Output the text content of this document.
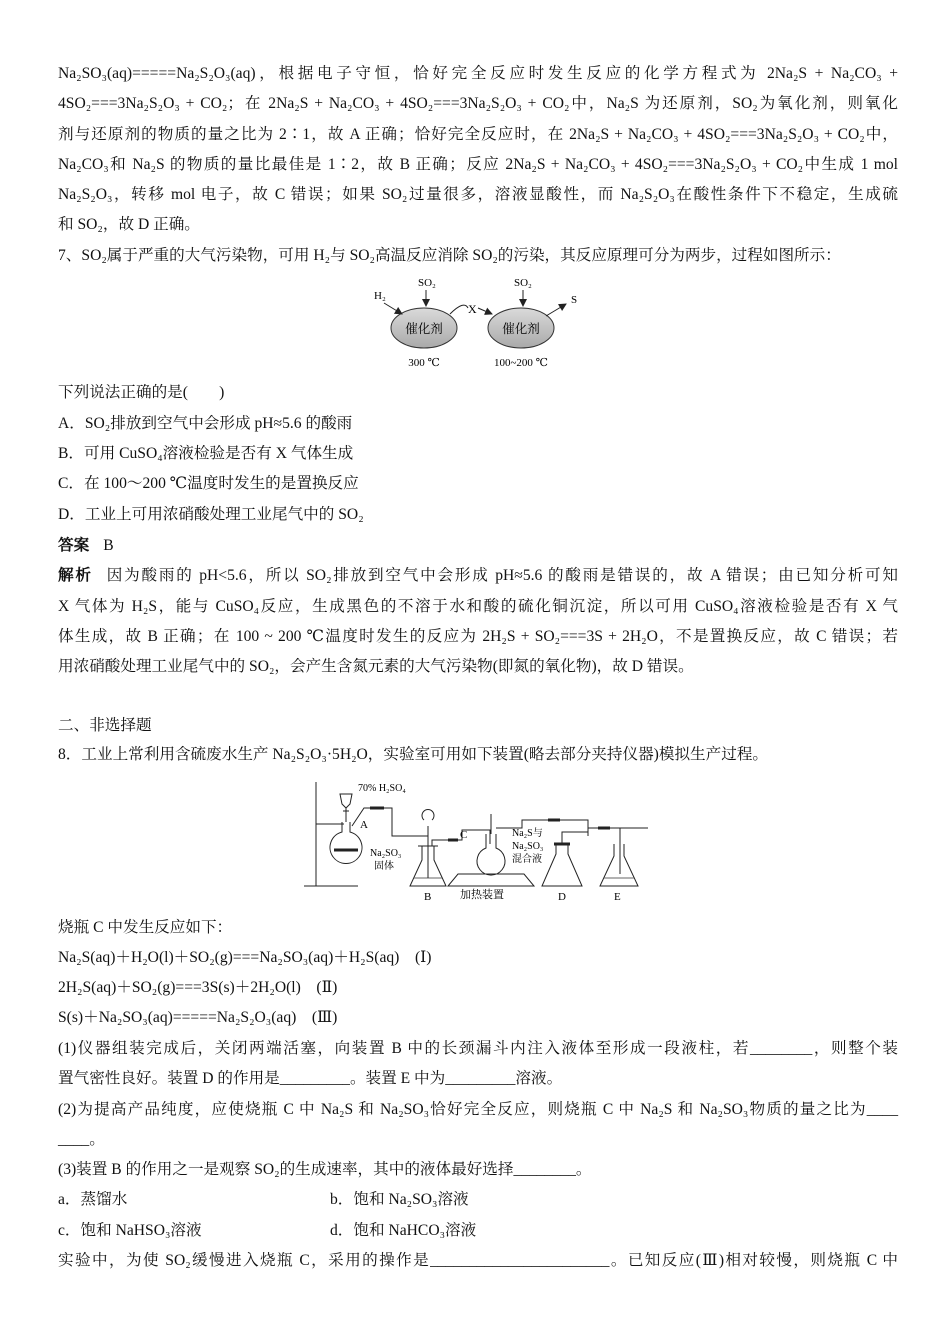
Na₂SO₃(aq)=====Na₂S₂O₃(aq)，根据电子守恒，恰好完全反应时发生反应的化学方程式为 2Na₂S + Na₂CO₃ +
4SO₂===3Na₂S₂O₃ + CO₂；在 2Na₂S + Na₂CO₃ + 4SO₂===3Na₂S₂O₃ + CO₂中，Na₂S 为还原剂，SO₂为氧化剂，则氧化
剂与还原剂的物质的量之比为 2∶1，故 A 正确；恰好完全反应时，在 2Na₂S + Na₂CO₃ + 4SO₂===3Na₂S₂O₃ + CO₂中，
Na₂CO₃和 Na₂S 的物质的量比最佳是 1∶2，故 B 正确；反应 2Na₂S + Na₂CO₃ + 4SO₂===3Na₂S₂O₃ + CO₂中生成 1 mol
Na₂S₂O₃，转移 mol 电子，故 C 错误；如果 SO₂过量很多，溶液显酸性，而 Na₂S₂O₃在酸性条件下不稳定，生成硫
和 SO₂，故 D 正确。
7、SO₂属于严重的大气污染物，可用 H₂与 SO₂高温反应消除 SO₂的污染，其反应原理可分为两步，过程如图所示：
催化剂	催化剂
H₂
SO₂
X
SO₂
S
300 ℃	100~200 ℃
下列说法正确的是(　　)
A．SO₂排放到空气中会形成 pH≈5.6 的酸雨
B．可用 CuSO₄溶液检验是否有 X 气体生成
C．在 100～200 ℃温度时发生的是置换反应
D．工业上可用浓硝酸处理工业尾气中的 SO₂
答案 B
解析 因为酸雨的 pH<5.6，所以 SO₂排放到空气中会形成 pH≈5.6 的酸雨是错误的，故 A 错误；由已知分析可知
X 气体为 H₂S，能与 CuSO₄反应，生成黑色的不溶于水和酸的硫化铜沉淀，所以可用 CuSO₄溶液检验是否有 X 气
体生成，故 B 正确；在 100 ~ 200 ℃温度时发生的反应为 2H₂S + SO₂===3S + 2H₂O，不是置换反应，故 C 错误；若
用浓硝酸处理工业尾气中的 SO₂，会产生含氮元素的大气污染物(即氮的氧化物)，故 D 错误。
二、非选择题
8．工业上常利用含硫废水生产 Na₂S₂O₃·5H₂O，实验室可用如下装置(略去部分夹持仪器)模拟生产过程。
70% H₂SO₄
A
Na₂SO₃
固体
C	Na₂S与
Na₂SO₃
混合液
加热装置
B	D	E
烧瓶 C 中发生反应如下：
Na₂S(aq)＋H₂O(l)＋SO₂(g)===Na₂SO₃(aq)＋H₂S(aq)  (Ⅰ)
2H₂S(aq)＋SO₂(g)===3S(s)＋2H₂O(l)  (Ⅱ)
S(s)＋Na₂SO₃(aq)=====Na₂S₂O₃(aq)  (Ⅲ)
(1)仪器组装完成后，关闭两端活塞，向装置 B 中的长颈漏斗内注入液体至形成一段液柱，若________，则整个装
置气密性良好。装置 D 的作用是_________。装置 E 中为_________溶液。
(2)为提高产品纯度，应使烧瓶 C 中 Na₂S 和 Na₂SO₃恰好完全反应，则烧瓶 C 中 Na₂S 和 Na₂SO₃物质的量之比为____
____。
(3)装置 B 的作用之一是观察 SO₂的生成速率，其中的液体最好选择________。
a．蒸馏水	b．饱和 Na₂SO₃溶液
c．饱和 NaHSO₃溶液	d．饱和 NaHCO₃溶液
实验中，为使 SO₂缓慢进入烧瓶 C，采用的操作是_______________________。已知反应(Ⅲ)相对较慢，则烧瓶 C 中
